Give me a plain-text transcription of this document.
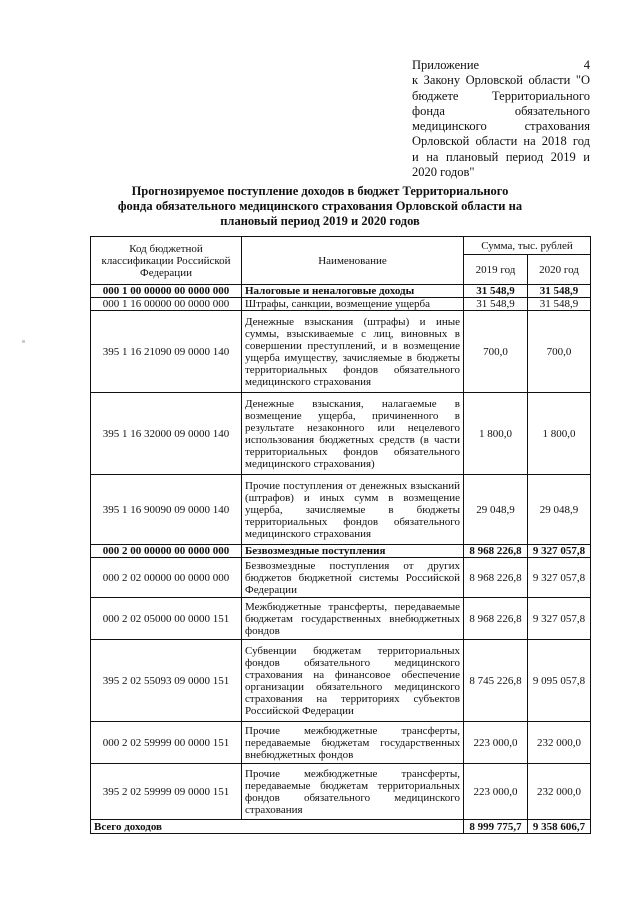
Приложение 4
к Закону Орловской области "О
бюджете Территориального
фонда обязательного
медицинского страхования
Орловской области на 2018 год
и на плановый период 2019 и
2020 годов"
Прогнозируемое поступление доходов в бюджет Территориального
фонда обязательного медицинского страхования Орловской области на
плановый период 2019 и 2020 годов
Код бюджетной классификации Российской Федерации	Наименование	Сумма, тыс. рублей	
		2019 год	2020 год
000 1 00 00000 00 0000 000	Налоговые и неналоговые доходы	31 548,9	31 548,9
000 1 16 00000 00 0000 000	Штрафы, санкции, возмещение ущерба	31 548,9	31 548,9
395 1 16 21090 09 0000 140	Денежные взыскания (штрафы) и иные суммы, взыскиваемые с лиц, виновных в совершении преступлений, и в возмещение ущерба имуществу, зачисляемые в бюджеты территориальных фондов обязательного медицинского страхования	700,0	700,0
395 1 16 32000 09 0000 140	Денежные взыскания, налагаемые в возмещение ущерба, причиненного в результате незаконного или нецелевого использования бюджетных средств (в части территориальных фондов обязательного медицинского страхования)	1 800,0	1 800,0
395 1 16 90090 09 0000 140	Прочие поступления от денежных взысканий (штрафов) и иных сумм в возмещение ущерба, зачисляемые в бюджеты территориальных фондов обязательного медицинского страхования	29 048,9	29 048,9
000 2 00 00000 00 0000 000	Безвозмездные поступления	8 968 226,8	9 327 057,8
000 2 02 00000 00 0000 000	Безвозмездные поступления от других бюджетов бюджетной системы Российской Федерации	8 968 226,8	9 327 057,8
000 2 02 05000 00 0000 151	Межбюджетные трансферты, передаваемые бюджетам государственных внебюджетных фондов	8 968 226,8	9 327 057,8
395 2 02 55093 09 0000 151	Субвенции бюджетам территориальных фондов обязательного медицинского страхования на финансовое обеспечение организации обязательного медицинского страхования на территориях субъектов Российской Федерации	8 745 226,8	9 095 057,8
000 2 02 59999 00 0000 151	Прочие межбюджетные трансферты, передаваемые бюджетам государственных внебюджетных фондов	223 000,0	232 000,0
395 2 02 59999 09 0000 151	Прочие межбюджетные трансферты, передаваемые бюджетам территориальных фондов обязательного медицинского страхования	223 000,0	232 000,0
Всего доходов		8 999 775,7	9 358 606,7
